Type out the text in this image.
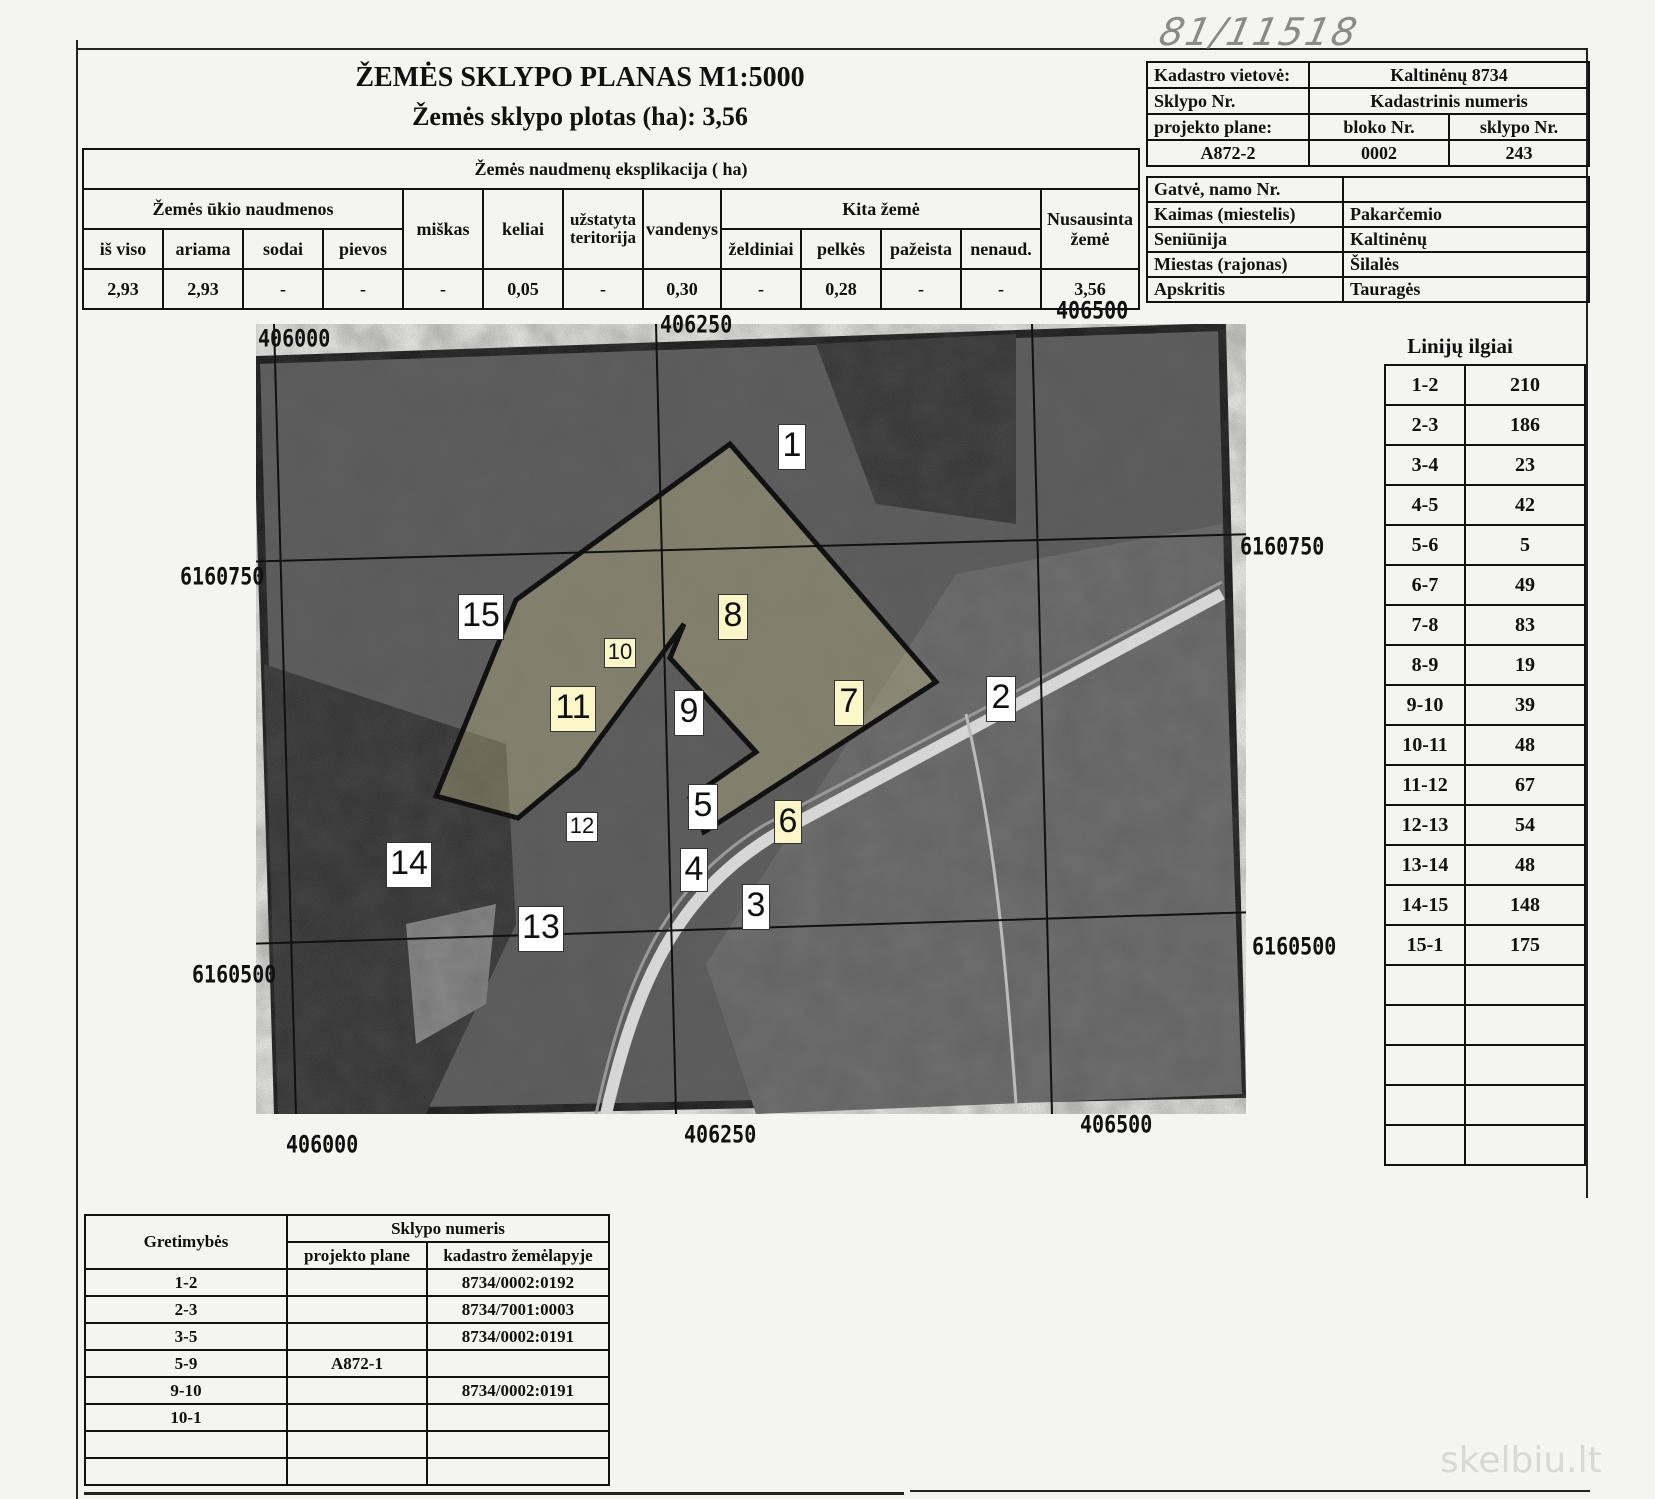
81/11518
ŽEMĖS SKLYPO PLANAS M1:5000
Žemės sklypo plotas (ha): 3,56
Žemės naudmenų eksplikacija ( ha)												
Žemės ūkio naudmenos				miškas	keliai	užstatyta teritorija	vandenys	Kita žemė				Nusausinta žemė
iš viso	ariama	sodai	pievos					želdiniai	pelkės	pažeista	nenaud.	
2,93	2,93	-	-	-	0,05	-	0,30	-	0,28	-	-	3,56
Kadastro vietovė:	Kaltinėnų 8734	
Sklypo Nr.	Kadastrinis numeris	
projekto plane:	bloko Nr.	sklypo Nr.
A872-2	0002	243
Gatvė, namo Nr.	
Kaimas (miestelis)	Pakarčemio
Seniūnija	Kaltinėnų
Miestas (rajonas)	Šilalės
Apskritis	Tauragės
Linijų ilgiai
1-2	210
2-3	186
3-4	23
4-5	42
5-6	5
6-7	49
7-8	83
8-9	19
9-10	39
10-11	48
11-12	67
12-13	54
13-14	48
14-15	148
15-1	175

406000	406250	406500
406000	406250	406500
6160750
6160500
6160750
6160500
1
2
3
4
5 6
7
8
9
10
11
12
13
14
15
Gretimybės	Sklypo numeris	
	projekto plane	kadastro žemėlapyje
1-2		8734/0002:0192
2-3		8734/7001:0003
3-5		8734/0002:0191
5-9	A872-1	
9-10		8734/0002:0191
10-1		

skelbiu.lt
